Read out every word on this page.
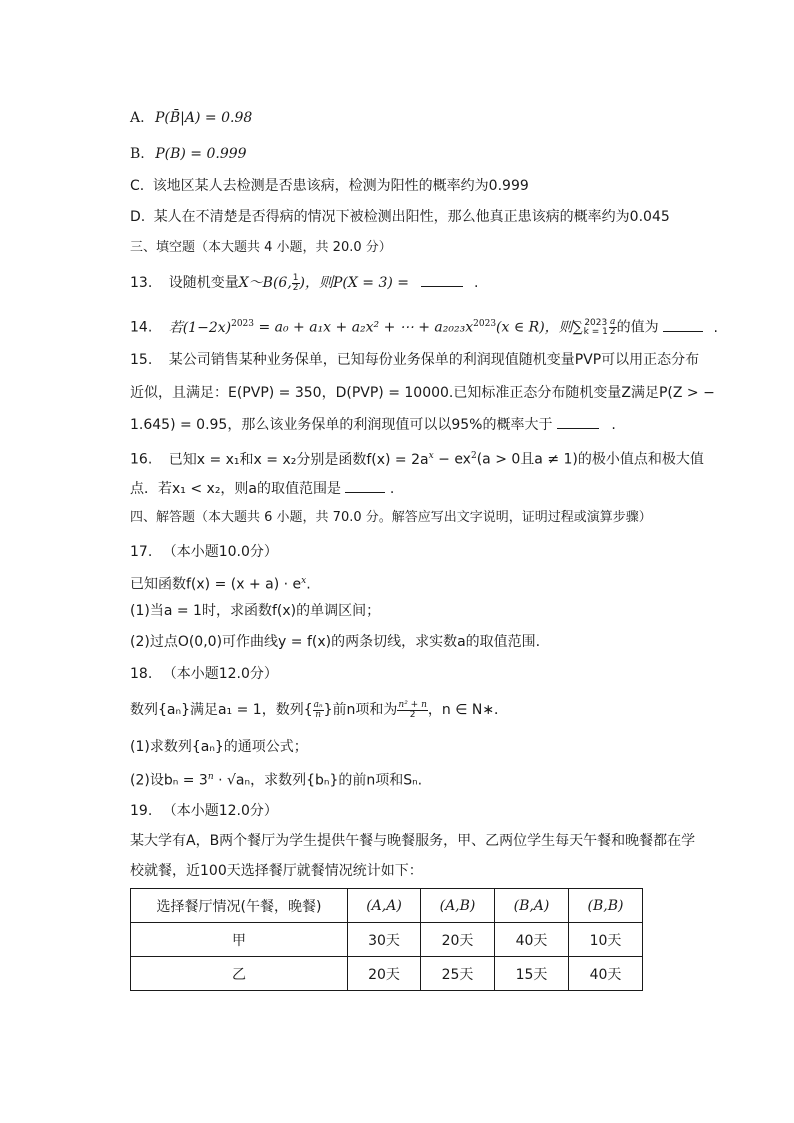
A. P(B̄|A) = 0.98
B. P(B) = 0.999
C. 该地区某人去检测是否患该病，检测为阳性的概率约为0.999
D. 某人在不清楚是否得病的情况下被检测出阳性，那么他真正患该病的概率约为0.045
三、填空题（本大题共 4 小题，共 20.0 分）
13. 设随机变量X～B(6, $\frac{1}{2}$ )，则P(X = 3) =	.
14. 若$(1-2x)^{2023} = a_0 + a_1x + a_2x^2$ + ⋯ + $a_{2023}x^{2023}(x$ ∈ R)，则∑ 2023
$k = 1 \frac{a}{2}$ 的值为	.
15. 某公司销售某种业务保单，已知每份业务保单的利润现值随机变量PVP可以用正态分布
近似，且满足：E(PVP) = 350，D(PVP) = 10000.已知标准正态分布随机变量Z满足P(Z > −
1.645) = 0.95，那么该业务保单的利润现值可以以95%的概率大于	.
16. 已知x = x₁和x = x₂分别是函数$f(x) = 2a^x - ex^2(a > 0$且a ≠ 1)的极小值点和极大值
点．若x₁ < x₂，则a的取值范围是	.
四、解答题（本大题共 6 小题，共 70.0 分。解答应写出文字说明，证明过程或演算步骤）
17. （本小题10.0分）
已知函数$f(x) = (x + a) \cdot e^x$.
(1)当a = 1时，求函数f(x)的单调区间；
(2)过点O(0,0)可作曲线y = f(x)的两条切线，求实数a的取值范围.
18. （本小题12.0分）
数列{aₙ}满足a₁ = 1，数列{ $\frac{\text{aₙ}}{n}$ }前n项和为 $\frac{\text{n² + n}}{2}$ ，n ∈ N∗．
(1)求数列{aₙ}的通项公式；
(2)设$b_n = 3^n \cdot √a_n$，求数列{bₙ}的前n项和Sₙ.
19. （本小题12.0分）
某大学有A，B两个餐厅为学生提供午餐与晚餐服务，甲、乙两位学生每天午餐和晚餐都在学
校就餐，近100天选择餐厅就餐情况统计如下：
选择餐厅情况(午餐，晚餐)	(A,A)	(A,B)	(B,A)	(B,B)
甲	30天	20天	40天	10天
乙	20天	25天	15天	40天
